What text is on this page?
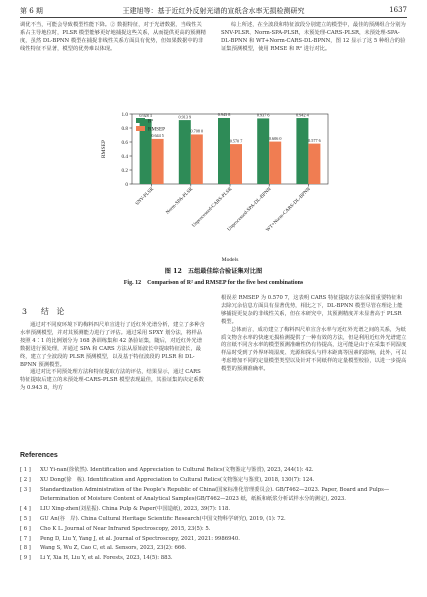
第 6 期	王建旭等：基于近红外反射光谱的宣纸含水率无损检测研究	1637

调优不当，可能会导致模型性能下降。② 数据特征，对于光谱数据，当线性关系占主导地位时，PLSR 模型能够更好地捕捉这些关系，从而提供更高的预测精度，虽然 DL-BPNN 模型在捕捉非线性关系方面具有优势，但如果数据中的非线性特征不显著，模型的优势难以体现。

综上所述，在全波段和特征波段分别建立的模型中，最佳的预测组合分别为 SNV-PLSR、Norm-SPA-PLSR，未预处理-CARS-PLSR，未预处理-SPA-DL-BPNN 和 WT+Norm-CARS-DL-BPNN，图 12 显示了这 5 种组合的验证集预测模型，使用 RMSE 和 R² 进行对比。

0
0.2
0.4
0.6
0.8
1.0
RMSEP
SNV-PLSR Norm-SPA-PLSR
Unprocessed-CARS-PLSR
Unprocessed-SPA-DL-BPNN
WT+Norm-CARS-DL-BPNN
Models
0.928 3
0.644 5
0.913 9
0.708 0
0.943 8
0.570 7
0.937 6
0.606 0
0.942 4
0.577 6
R²
RMSEP
图 12　五组最佳综合验证集对比图
Fig. 12　Comparison of R² and RMSEP for the five best combinations
3 结　论

通过对不同度环境下的梅料四尺单宣进行了近红外光谱分析，建立了多种含水率预测模型，并对其预测能力进行了评估。通过采用 SPXY 划分法，将样品按照 4∶1 的比例划分为 168 条训练集和 42 条验证集，随后，对近红外光谱数据进行预处理，并通过 SPA 和 CARS 方法从原始波长中提取特征波长，最终，建立了全波段的 PLSR 预测模型，以及基于特征波段的 PLSR 和 DL-BPNN 预测模型。

通过对比不同预处理方法和特征提取方法的评估，结果显示，通过 CARS 特征提取后建立的未预处理-CARS-PLSR 模型表现最佳，其验证集的决定系数为 0.943 8，均方

根误差 RMSEP 为 0.570 7，这表明 CARS 特征提取方法在保留重要特征和去除冗余信息方面具有显著优势，相比之下，DL-BPNN 模型尽管在理论上能够捕捉更复杂的非线性关系，但在本研究中，其预测精度并未显著高于 PLSR 模型。

总体而言，成功建立了梅料四尺单宣含水率与近红外光谱之间的关系，为纸质文物含水率的快速无损检测提供了一种有效的方法，但是利用近红外光谱建立的宣纸不同含水率的模型预测准确性仍有待提高，这可能是由于在采集不同湿度样品时受到了外界环境湿度、光源和探头与样本距离等因素的影响，此外，可以考虑增加不同的定量模型类型以及针对不同纸样的定量模型校验，以进一步提高模型的预测准确率。

References
[ 1 ] XU Yi-nan(徐依然). Identification and Appreciation to Cultural Relics(文物鉴定与鉴赏), 2023, 244(1): 42.
[ 2 ] XU Dong(徐　栋). Identification and Appreciation to Cultural Relics(文物鉴定与鉴赏), 2018, 130(7): 124.
[ 3 ] Standardization Administration of the People's Republic of China(国家标准化管理委员会). GB/T462—2023. Paper, Board and Pulps—Determination of Moisture Content of Analytical Samples(GB/T462—2023 纸，纸板和纸浆分析试样水分的测定), 2023.
[ 4 ] LIU Xing-zhen(刘星振). China Pulp & Paper(中国造纸), 2023, 39(7): 118.
[ 5 ] GU An(谷　岸). China Cultural Heritage Scientific Research(中国文物科学研究), 2019, (1): 72.
[ 6 ] Cho K L. Journal of Near Infrared Spectroscopy, 2015, 23(5): 5.
[ 7 ] Peng D, Liu Y, Yang J, et al. Journal of Spectroscopy, 2021, 2021: 9986940.
[ 8 ] Wang S, Wu Z, Cao C, et al. Sensors, 2023, 23(2): 666.
[ 9 ] Li Y, Xia H, Liu Y, et al. Forests, 2023, 14(5): 883.
